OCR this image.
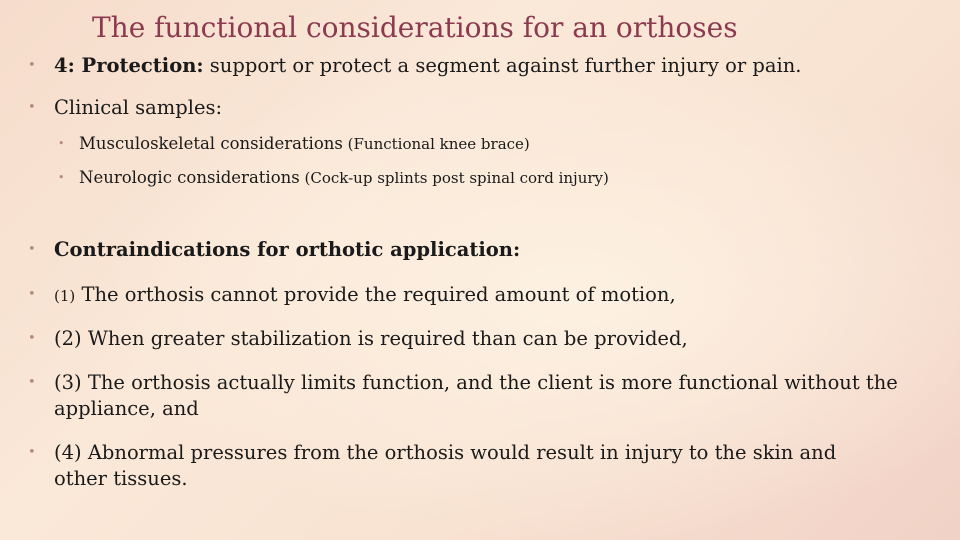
The functional considerations for an orthoses
• 4: Protection: support or protect a segment against further injury or pain.
• Clinical samples:
• Musculoskeletal considerations (Functional knee brace)
• Neurologic considerations (Cock-up splints post spinal cord injury)
• Contraindications for orthotic application:
•	(1) The orthosis cannot provide the required amount of motion,
• (2) When greater stabilization is required than can be provided,
• (3) The orthosis actually limits function, and the client is more functional without the appliance, and
• (4) Abnormal pressures from the orthosis would result in injury to the skin and other tissues.
